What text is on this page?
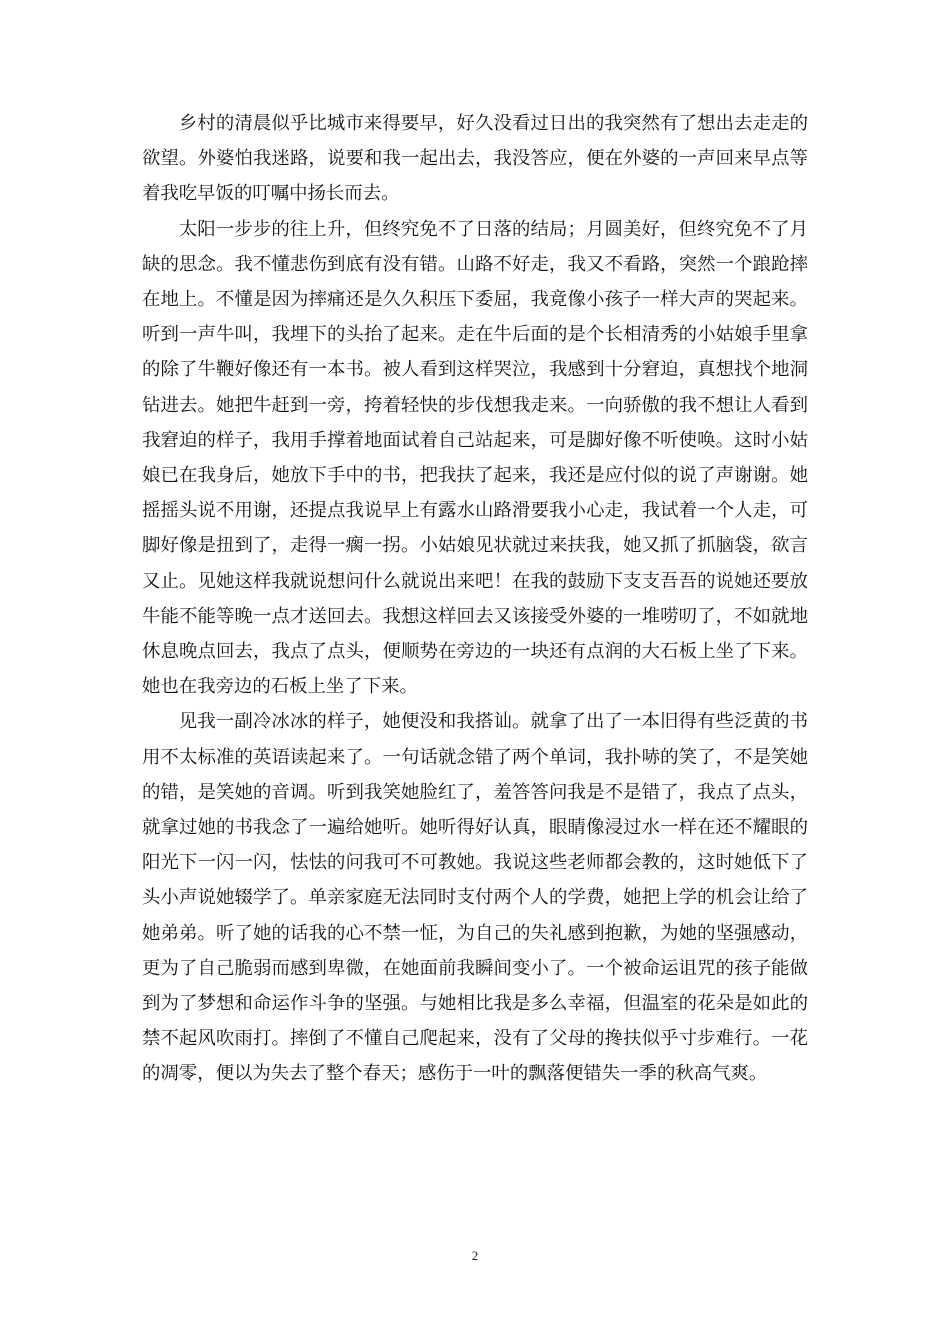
乡村的清晨似乎比城市来得要早，好久没看过日出的我突然有了想出去走走的欲望。外婆怕我迷路，说要和我一起出去，我没答应，便在外婆的一声回来早点等着我吃早饭的叮嘱中扬长而去。

太阳一步步的往上升，但终究免不了日落的结局；月圆美好，但终究免不了月缺的思念。我不懂悲伤到底有没有错。山路不好走，我又不看路，突然一个踉跄摔在地上。不懂是因为摔痛还是久久积压下委屈，我竟像小孩子一样大声的哭起来。听到一声牛叫，我埋下的头抬了起来。走在牛后面的是个长相清秀的小姑娘手里拿的除了牛鞭好像还有一本书。被人看到这样哭泣，我感到十分窘迫，真想找个地洞钻进去。她把牛赶到一旁，挎着轻快的步伐想我走来。一向骄傲的我不想让人看到我窘迫的样子，我用手撑着地面试着自己站起来，可是脚好像不听使唤。这时小姑娘已在我身后，她放下手中的书，把我扶了起来，我还是应付似的说了声谢谢。她摇摇头说不用谢，还提点我说早上有露水山路滑要我小心走，我试着一个人走，可脚好像是扭到了，走得一瘸一拐。小姑娘见状就过来扶我，她又抓了抓脑袋，欲言又止。见她这样我就说想问什么就说出来吧！在我的鼓励下支支吾吾的说她还要放牛能不能等晚一点才送回去。我想这样回去又该接受外婆的一堆唠叨了，不如就地休息晚点回去，我点了点头，便顺势在旁边的一块还有点润的大石板上坐了下来。她也在我旁边的石板上坐了下来。

见我一副冷冰冰的样子，她便没和我搭讪。就拿了出了一本旧得有些泛黄的书用不太标准的英语读起来了。一句话就念错了两个单词，我扑哧的笑了，不是笑她的错，是笑她的音调。听到我笑她脸红了，羞答答问我是不是错了，我点了点头，就拿过她的书我念了一遍给她听。她听得好认真，眼睛像浸过水一样在还不耀眼的阳光下一闪一闪，怯怯的问我可不可教她。我说这些老师都会教的，这时她低下了头小声说她辍学了。单亲家庭无法同时支付两个人的学费，她把上学的机会让给了她弟弟。听了她的话我的心不禁一怔，为自己的失礼感到抱歉，为她的坚强感动，更为了自己脆弱而感到卑微，在她面前我瞬间变小了。一个被命运诅咒的孩子能做到为了梦想和命运作斗争的坚强。与她相比我是多么幸福，但温室的花朵是如此的禁不起风吹雨打。摔倒了不懂自己爬起来，没有了父母的搀扶似乎寸步难行。一花的凋零，便以为失去了整个春天；感伤于一叶的飘落便错失一季的秋高气爽。

2
